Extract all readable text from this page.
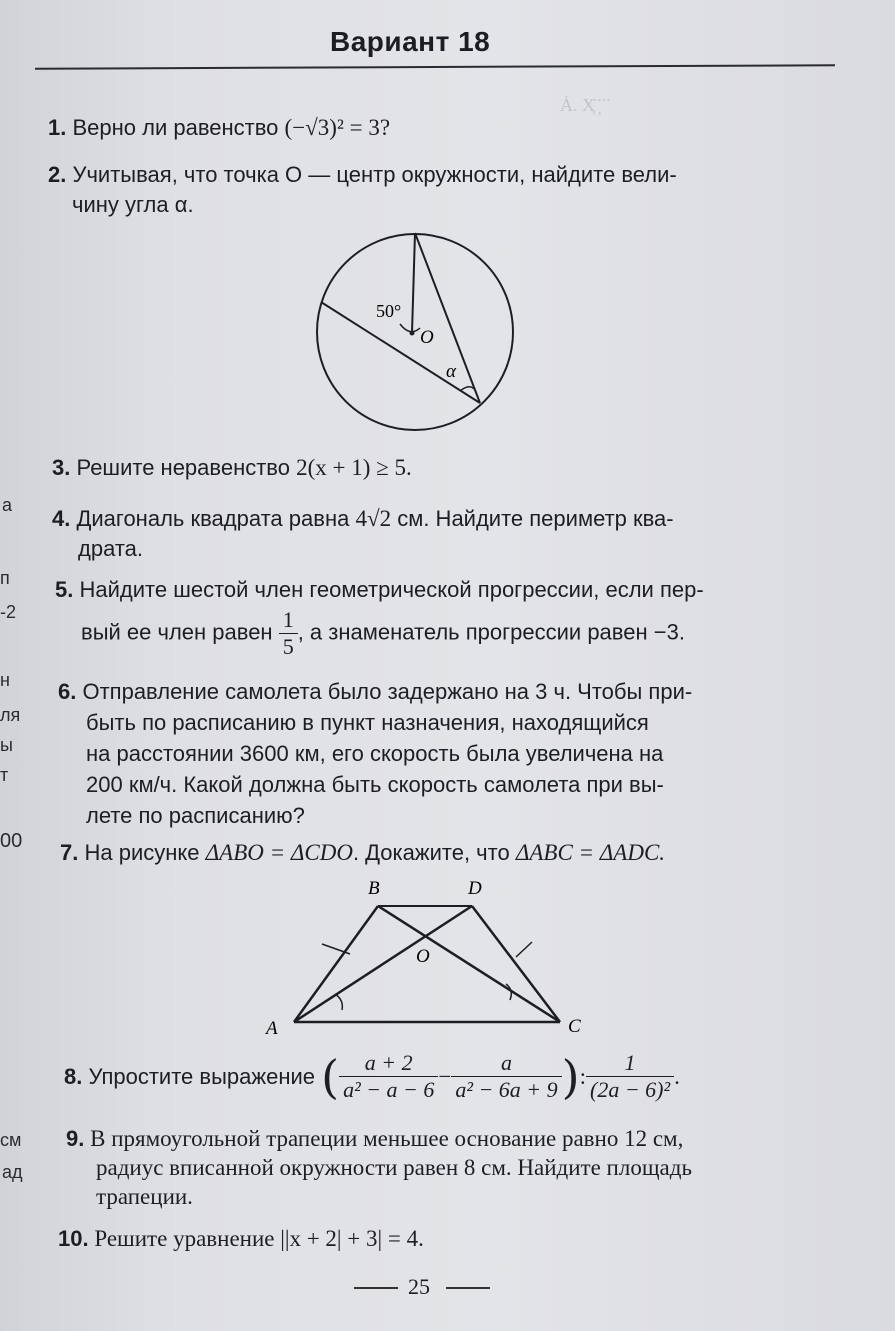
Ȧ. Ҳ̇ ̦̇ ̇ ̇
Вариант 18
а
п
-2
н
ля
ы
т
00
см
ад
1. Верно ли равенство (−√3)² = 3?
2. Учитывая, что точка O — центр окружности, найдите вели-
чину угла α.
50°
O
α
3. Решите неравенство 2(x + 1) ≥ 5.
4. Диагональ квадрата равна 4√2 см. Найдите периметр ква-
драта.
5. Найдите шестой член геометрической прогрессии, если пер-
вый ее член равен $\frac{1}{5}$ , а знаменатель прогрессии равен −3.
6. Отправление самолета было задержано на 3 ч. Чтобы при-
быть по расписанию в пункт назначения, находящийся
на расстоянии 3600 км, его скорость была увеличена на
200 км/ч. Какой должна быть скорость самолета при вы-
лете по расписанию?
7. На рисунке ΔABO = ΔCDO. Докажите, что ΔABC = ΔADC.
B	D
O
A	C
8.
Упростите выражение
( $\frac{a + 2}{\text{a² − a − 6}} - \frac{a}{\text{a² − 6a + 9}}$ ) : $\frac{1}{\text{(2a − 6)²}}$ .
9. В прямоугольной трапеции меньшее основание равно 12 см,
радиус вписанной окружности равен 8 см. Найдите площадь
трапеции.
10. Решите уравнение ||x + 2| + 3| = 4.
25
